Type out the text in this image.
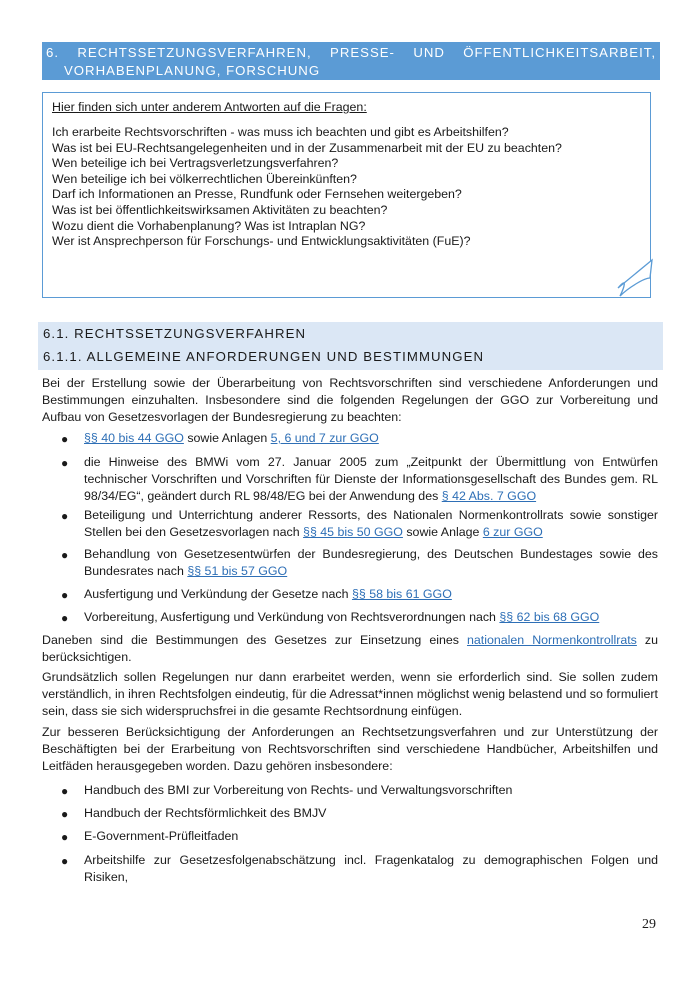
6. RECHTSSETZUNGSVERFAHREN, PRESSE- UND ÖFFENTLICHKEITSARBEIT,
VORHABENPLANUNG, FORSCHUNG
Hier finden sich unter anderem Antworten auf die Fragen:
Ich erarbeite Rechtsvorschriften - was muss ich beachten und gibt es Arbeitshilfen?
Was ist bei EU-Rechtsangelegenheiten und in der Zusammenarbeit mit der EU zu beachten?
Wen beteilige ich bei Vertragsverletzungsverfahren?
Wen beteilige ich bei völkerrechtlichen Übereinkünften?
Darf ich Informationen an Presse, Rundfunk oder Fernsehen weitergeben?
Was ist bei öffentlichkeitswirksamen Aktivitäten zu beachten?
Wozu dient die Vorhabenplanung? Was ist Intraplan NG?
Wer ist Ansprechperson für Forschungs- und Entwicklungsaktivitäten (FuE)?
6.1. RECHTSSETZUNGSVERFAHREN
6.1.1. ALLGEMEINE ANFORDERUNGEN UND BESTIMMUNGEN

Bei der Erstellung sowie der Überarbeitung von Rechtsvorschriften sind verschiedene Anforderungen und Bestimmungen einzuhalten. Insbesondere sind die folgenden Regelungen der GGO zur Vorbereitung und Aufbau von Gesetzesvorlagen der Bundesregierung zu beachten:

● §§ 40 bis 44 GGO sowie Anlagen 5, 6 und 7 zur GGO
● die Hinweise des BMWi vom 27. Januar 2005 zum „Zeitpunkt der Übermittlung von Entwürfen technischer Vorschriften und Vorschriften für Dienste der Informationsgesellschaft des Bundes gem. RL 98/34/EG“, geändert durch RL 98/48/EG bei der Anwendung des § 42 Abs. 7 GGO
● Beteiligung und Unterrichtung anderer Ressorts, des Nationalen Normenkontrollrats sowie sonstiger Stellen bei den Gesetzesvorlagen nach §§ 45 bis 50 GGO sowie Anlage 6 zur GGO
● Behandlung von Gesetzesentwürfen der Bundesregierung, des Deutschen Bundestages sowie des Bundesrates nach §§ 51 bis 57 GGO
● Ausfertigung und Verkündung der Gesetze nach §§ 58 bis 61 GGO
● Vorbereitung, Ausfertigung und Verkündung von Rechtsverordnungen nach §§ 62 bis 68 GGO

Daneben sind die Bestimmungen des Gesetzes zur Einsetzung eines nationalen Normenkontrollrats zu berücksichtigen.

Grundsätzlich sollen Regelungen nur dann erarbeitet werden, wenn sie erforderlich sind. Sie sollen zudem verständlich, in ihren Rechtsfolgen eindeutig, für die Adressat*innen möglichst wenig belastend und so formuliert sein, dass sie sich widerspruchsfrei in die gesamte Rechtsordnung einfügen.

Zur besseren Berücksichtigung der Anforderungen an Rechtsetzungsverfahren und zur Unterstützung der Beschäftigten bei der Erarbeitung von Rechtsvorschriften sind verschiedene Handbücher, Arbeitshilfen und Leitfäden herausgegeben worden. Dazu gehören insbesondere:

● Handbuch des BMI zur Vorbereitung von Rechts- und Verwaltungsvorschriften
● Handbuch der Rechtsförmlichkeit des BMJV
● E-Government-Prüfleitfaden
● Arbeitshilfe zur Gesetzesfolgenabschätzung incl. Fragenkatalog zu demographischen Folgen und Risiken,
29
